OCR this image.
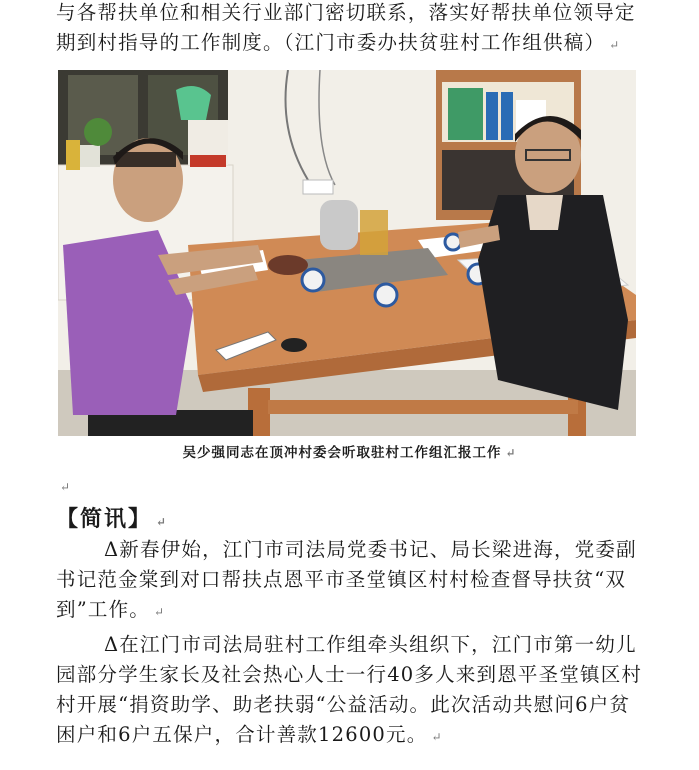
与各帮扶单位和相关行业部门密切联系，落实好帮扶单位领导定期到村指导的工作制度。（江门市委办扶贫驻村工作组供稿） ↵

吴少强同志在顶冲村委会听取驻村工作组汇报工作 ↵
↵
【简讯】 ↵

Δ新春伊始，江门市司法局党委书记、局长梁进海，党委副书记范金棠到对口帮扶点恩平市圣堂镇区村村检查督导扶贫“双到”工作。 ↵

Δ在江门市司法局驻村工作组牵头组织下，江门市第一幼儿园部分学生家长及社会热心人士一行40多人来到恩平圣堂镇区村村开展“捐资助学、助老扶弱“公益活动。此次活动共慰问6户贫困户和6户五保户，合计善款12600元。 ↵
